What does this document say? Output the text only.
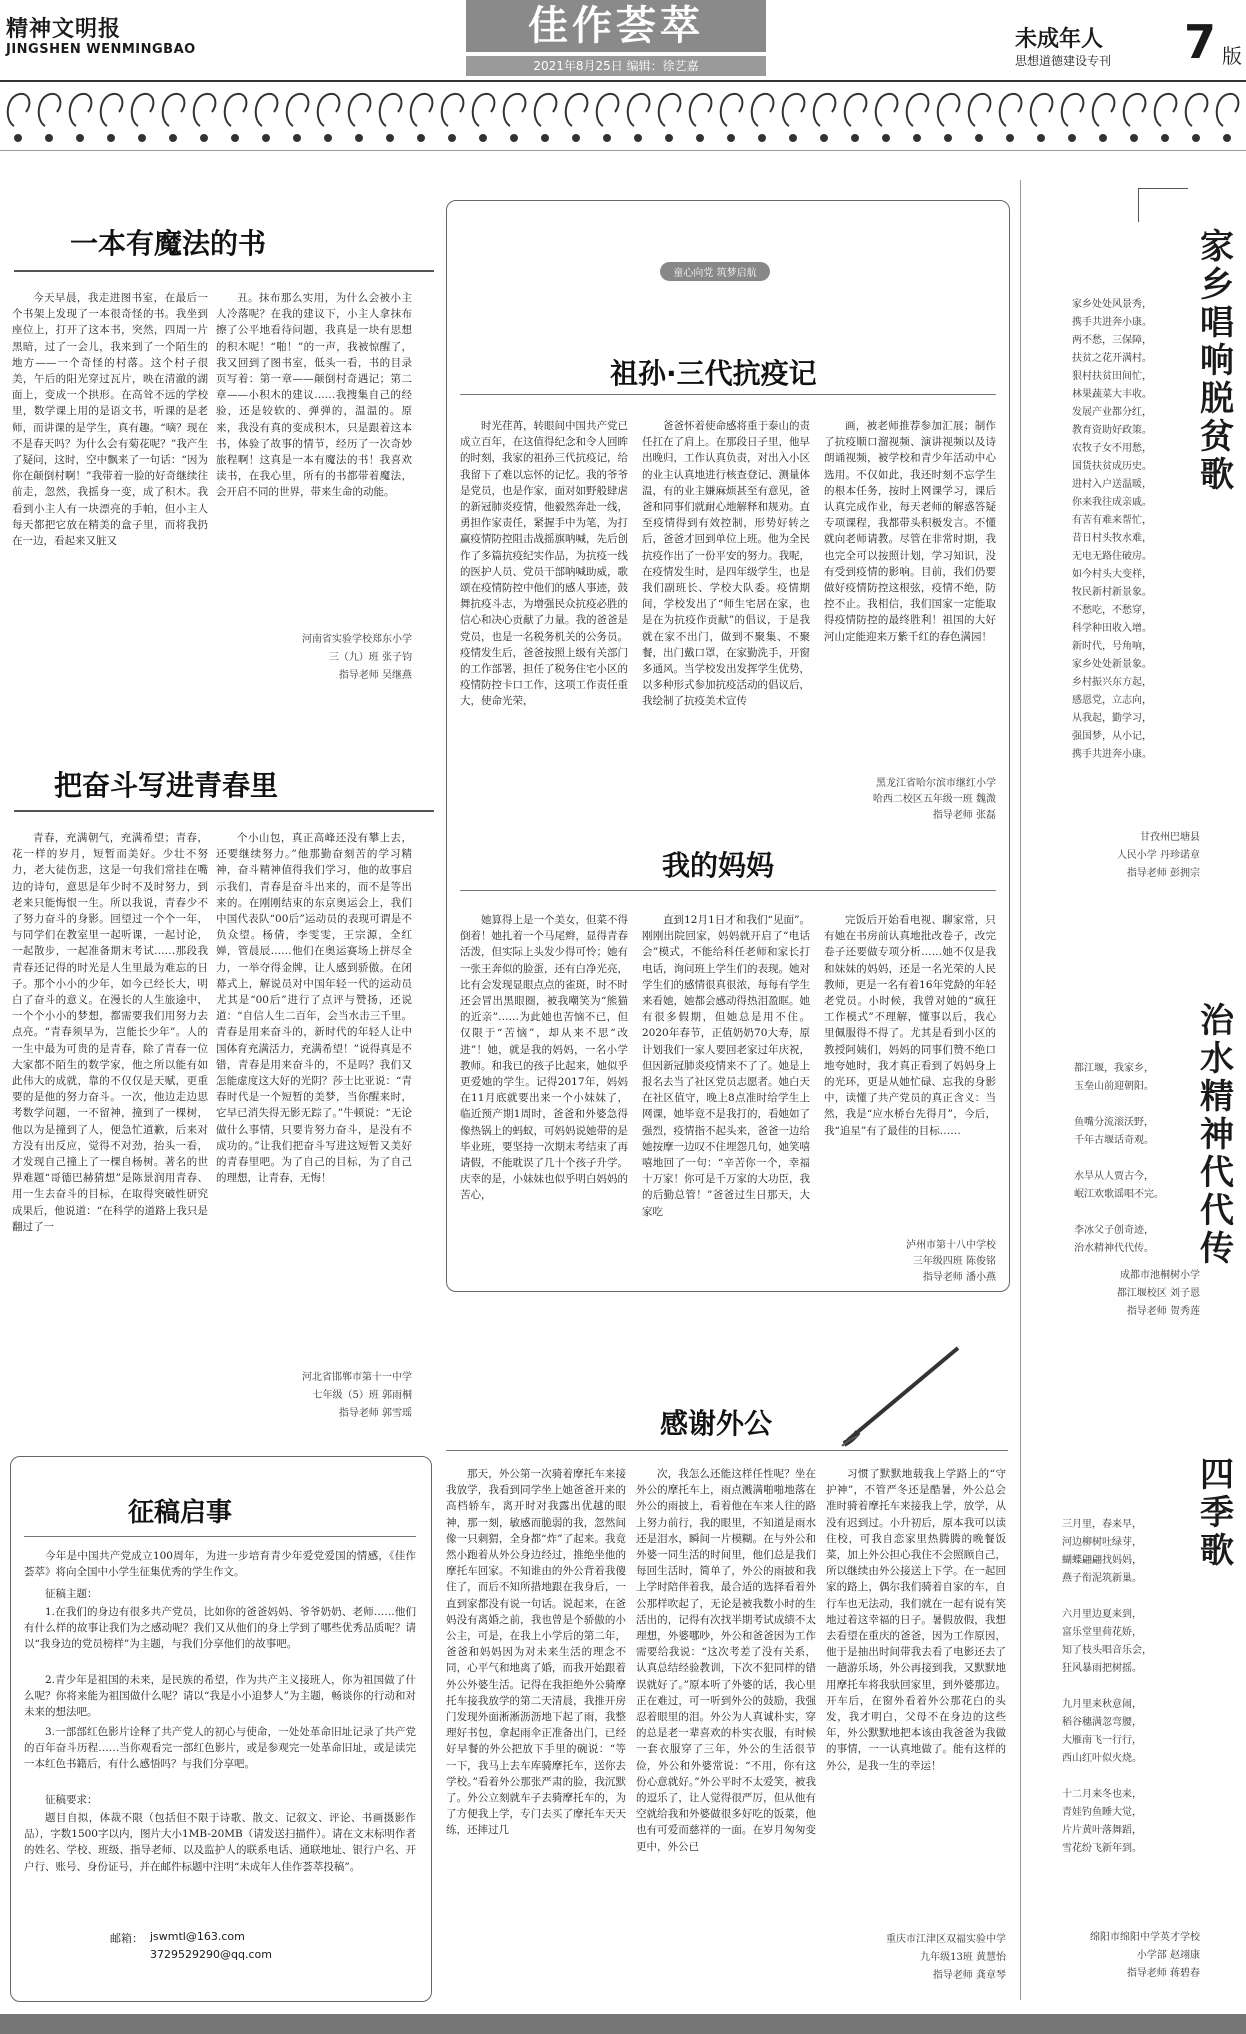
精神文明报
JINGSHEN WENMINGBAO
佳作荟萃
2021年8月25日 编辑：徐艺嘉
未成年人
思想道德建设专刊 7 版
一本有魔法的书
今天早晨，我走进图书室，在最后一个书架上发现了一本很奇怪的书。我坐到座位上，打开了这本书，突然，四周一片黑暗，过了一会儿，我来到了一个陌生的地方——一个奇怪的村落。这个村子很美，午后的阳光穿过瓦片，映在清澈的湖面上，变成一个拱形。在高耸不远的学校里，数学课上用的是语文书，听课的是老师，而讲课的是学生，真有趣。“嘀？现在不是春天吗？为什么会有菊花呢？”我产生了疑问，这时，空中飘来了一句话：“因为你在颠倒村啊！”我带着一脸的好奇继续往前走，忽然，我摇身一变，成了积木。我看到小主人有一块漂亮的手帕，但小主人每天都把它放在精美的盒子里，而将我扔在一边，看起来又脏又
丑。抹布那么实用，为什么会被小主人冷落呢？在我的建议下，小主人拿抹布擦了公平地看待问题，我真是一块有思想的积木呢！“啪！”的一声，我被惊醒了，我又回到了图书室，低头一看，书的目录页写着：第一章——颠倒村奇遇记；第二章——小积木的建议……我搜集自己的经验，还是较软的、弹弹的，温温的。原来，我没有真的变成积木，只是跟着这本书，体验了故事的情节，经历了一次奇妙旅程啊！这真是一本有魔法的书！我喜欢读书，在我心里，所有的书都带着魔法，会开启不同的世界，带来生命的动能。
河南省实验学校郑东小学
三（九）班 张子钧
指导老师 吴继燕
把奋斗写进青春里
青春，充满朝气，充满希望；青春，花一样的岁月，短暂而美好。少壮不努力，老大徒伤悲，这是一句我们常挂在嘴边的诗句，意思是年少时不及时努力，到老来只能悔恨一生。所以我说，青春少不了努力奋斗的身影。回望过一个个一年，与同学们在教室里一起听课，一起讨论，一起散步，一起准备期末考试……那段我青春还记得的时光是人生里最为难忘的日子。那个小小的少年，如今已经长大，明白了奋斗的意义。在漫长的人生旅途中，一个个小小的梦想，都需要我们用努力去点亮。“青春须早为，岂能长少年”。人的一生中最为可贵的是青春，除了青春一位大家都不陌生的数学家，他之所以能有如此伟大的成就，靠的不仅仅是天赋，更重要的是他的努力奋斗。一次，他边走边思考数学问题，一不留神，撞到了一棵树，他以为是撞到了人，便急忙道歉，后来对方没有出反应，觉得不对劲，抬头一看，才发现自己撞上了一棵自杨树。著名的世界难题“哥德巴赫猜想”是陈景润用青春、用一生去奋斗的目标，在取得突破性研究成果后，他说道：“在科学的道路上我只是翻过了一
个小山包，真正高峰还没有攀上去，还要继续努力。”他那勤奋刻苦的学习精神，奋斗精神值得我们学习，他的故事启示我们，青春是奋斗出来的，而不是等出来的。在刚刚结束的东京奥运会上，我们中国代表队“00后”运动员的表现可谓是不负众望。杨倩，李雯雯，王宗源，全红婵，管晨辰……他们在奥运赛场上拼尽全力，一举夺得金牌，让人感到骄傲。在闭幕式上，解说员对中国年轻一代的运动员尤其是“00后”进行了点评与赞扬，还说道：“自信人生二百年，会当水击三千里。青春是用来奋斗的，新时代的年轻人让中国体育充满活力，充满希望！”说得真是不错，青春是用来奋斗的，不是吗？我们又怎能虚度这大好的光阴？莎士比亚说：“青春时代是一个短暂的美梦，当你醒来时，它早已消失得无影无踪了。”牛顿说：“无论做什么事情，只要肯努力奋斗，是没有不成功的。”让我们把奋斗写进这短暂又美好的青春里吧。为了自己的目标，为了自己的理想，让青春，无悔！
河北省邯郸市第十一中学
七年级（5）班 郭雨桐
指导老师 郭雪瑶
童心向党 筑梦启航
祖孙·三代抗疫记
时光荏苒，转眼间中国共产党已成立百年，在这值得纪念和令人回眸的时刻，我家的祖孙三代抗疫记，给我留下了难以忘怀的记忆。我的爷爷是党员，也是作家，面对如野般肆虐的新冠肺炎疫情，他毅然奔赴一线，勇担作家责任，紧握手中为笔，为打赢疫情防控阻击战摇旗呐喊，先后创作了多篇抗疫纪实作品，为抗疫一线的医护人员、党员干部呐喊助威，歌颂在疫情防控中他们的感人事迹，鼓舞抗疫斗志，为增强民众抗疫必胜的信心和决心贡献了力量。我的爸爸是党员，也是一名税务机关的公务员。疫情发生后，爸爸按照上级有关部门的工作部署，担任了税务住宅小区的疫情防控卡口工作，这项工作责任重大，使命光荣，
爸爸怀着使命感将重于泰山的责任扛在了肩上。在那段日子里，他早出晚归，工作认真负责，对出入小区的业主认真地进行核查登记、测量体温，有的业主嫌麻烦甚至有意见，爸爸和同事们就耐心地解释和规劝。直至疫情得到有效控制，形势好转之后，爸爸才回到单位上班。他为全民抗疫作出了一份平安的努力。我呢，在疫情发生时，是四年级学生，也是我们副班长、学校大队委。疫情期间，学校发出了“师生宅居在家，也是在为抗疫作贡献”的倡议，于是我就在家不出门，做到不聚集、不聚餐，出门戴口罩，在家勤洗手，开窗多通风。当学校发出发挥学生优势，以多种形式参加抗疫活动的倡议后，我绘制了抗疫美术宣传
画，被老师推荐参加汇展；制作了抗疫顺口溜视频、演讲视频以及诗朗诵视频，被学校和青少年活动中心选用。不仅如此，我还时刻不忘学生的根本任务，按时上网课学习，课后认真完成作业，每天老师的解惑答疑专项课程，我都带头积极发言。不懂就向老师请教。尽管在非常时期，我也完全可以按照计划，学习知识，没有受到疫情的影响。目前，我们仍要做好疫情防控这根弦，疫情不绝，防控不止。我相信，我们国家一定能取得疫情防控的最终胜利！祖国的大好河山定能迎来万紫千红的春色满园！
黑龙江省哈尔滨市继红小学
哈西二校区五年级一班 魏溦
指导老师 张磊
我的妈妈
她算得上是一个美女，但菜不得倒着！她扎着一个马尾辫，显得青春活泼，但实际上头发少得可怜；她有一张王奔似的脸蛋，还有白净光亮，比有会发现显眼点点的雀斑，时不时还会冒出黑眼圈，被我嘲笑为“熊猫的近亲”……为此她也苦恼不已，但仅限于“苦恼”，却从来不思“改进”！她，就是我的妈妈，一名小学教师。和我已的孩子比起来，她似乎更爱她的学生。记得2017年，妈妈在11月底就要出来一个小妹妹了，临近预产期1周时，爸爸和外婆急得像热锅上的蚂蚁，可妈妈说她带的是毕业班，要坚持一次期末考结束了再请假，不能耽误了几十个孩子升学。庆幸的是，小妹妹也似乎明白妈妈的苦心，
直到12月1日才和我们“见面”。刚刚出院回家，妈妈就开启了“电话会”模式，不能给科任老师和家长打电话，询问班上学生们的表现。她对学生们的感情很真很浓，每每有学生来看她，她都会感动得热泪盈眶。她有很多假期，但她总是用不住。2020年春节，正值奶奶70大寿，原计划我们一家人要回老家过年庆祝，但因新冠肺炎疫情来不了了。她是上报名去当了社区党员志愿者。她白天在社区值守，晚上8点准时给学生上网课，她毕竟不是我打的，看她如了强烈，疫情指不起头来，爸爸一边给她按摩一边叹不住埋怨几句，她笑嘻嘻地回了一句：“辛苦你一个，幸福十万家！你可是千万家的大功臣，我的后勤总管！”爸爸过生日那天，大家吃
完饭后开始看电视、聊家常，只有她在书房前认真地批改卷子，改完卷子还要做专项分析……她不仅是我和妹妹的妈妈，还是一名光荣的人民教师，更是一名有着16年党龄的年轻老党员。小时候，我曾对她的“疯狂工作模式”不理解，懂事以后，我心里佩服得不得了。尤其是看到小区的教授阿姨们，妈妈的同事们赞不绝口地夸她时，我才真正看到了妈妈身上的光环，更是从她忙碌、忘我的身影中，读懂了共产党员的真正含义：当然，我是“应水桥台先得月”，今后，我“追星”有了最佳的目标……
泸州市第十八中学校
三年级四班 陈俊铭
指导老师 潘小燕
感谢外公
那天，外公第一次骑着摩托车来接我放学，我看到同学坐上她爸爸开来的高档轿车，离开时对我露出优越的眼神，那一刻，敏感而脆弱的我，忽然间像一只刺猬，全身都“炸”了起来。我竟然小跑着从外公身边经过，推绝坐他的摩托车回家。不知谁由的外公背着我傻住了，而后不知所措地跟在我身后，一直到家都没有说一句话。说起来，在爸妈没有离婚之前，我也曾是个骄傲的小公主，可是，在我上小学后的第二年，爸爸和妈妈因为对未来生活的理念不同，心平气和地离了婚，而我开始跟着外公外婆生活。记得在我拒绝外公骑摩托车接我放学的第二天清晨，我推开房门发现外面淅淅沥沥地下起了雨，我整理好书包，拿起雨伞正准备出门，已经好早餐的外公把放下手里的碗说：“等一下，我马上去车库骑摩托车，送你去学校。”看着外公那张严肃的脸，我沉默了。外公立刻就车子去骑摩托车的，为了方便我上学，专门去买了摩托车天天练，还摔过几
次，我怎么还能这样任性呢？坐在外公的摩托车上，雨点溅满啪啪地落在外公的雨披上，看着他在车来人往的路上努力前行，我的眼里，不知道是雨水还是泪水，瞬间一片模糊。在与外公和外婆一同生活的时间里，他们总是我们每回生活时，简单了，外公的雨披和我上学时陪伴着我，最合适的选择看着外公那样吹起了，无论是被我数小时的生活出的，记得有次找半期考试成绩不太理想，外婆哪吵，外公和爸爸因为工作需要给我说：“这次考差了没有关系，认真总结经验教训，下次不犯同样的错误就好了。”原本听了外婆的话，我心里正在难过，可一听到外公的鼓励，我强忍着眼里的泪。外公为人真诚朴实，穿的总是老一辈喜欢的朴实衣服，有时候一套衣服穿了三年，外公的生活很节俭，外公和外婆常说：“不用，你有这份心意就好。”外公平时不太爱笑，被我的逗乐了，让人觉得很严厉，但从他有空就给我和外婆做很多好吃的饭菜，他也有可爱而慈祥的一面。在岁月匆匆变更中，外公已
习惯了默默地载我上学路上的“守护神”，不管严冬还是酷暑，外公总会准时骑着摩托车来接我上学，放学，从没有迟到过。小升初后，原本我可以读住校，可我自恋家里热腾腾的晚餐饭菜，加上外公担心我住不会照顾自己，所以继续由外公接送上下学。在一起回家的路上，偶尔我们骑着自家的车，自行车也无法动，我们就在一起有说有笑地过着这幸福的日子。暑假放假，我想去看望在重庆的爸爸，因为工作原因，他于是抽出时间带我去看了电影还去了一趟游乐场，外公再接到我，又默默地用摩托车将我驮回家里，到外婆那边。开车后，在窗外看着外公那花白的头发，我才明白，父母不在身边的这些年，外公默默地把本该由我爸爸为我做的事情，一一认真地做了。能有这样的外公，是我一生的幸运！
重庆市江津区双福实验中学
九年级13班 黄慧怡
指导老师 龚章琴
征稿启事
今年是中国共产党成立100周年，为进一步培育青少年爱党爱国的情感，《佳作荟萃》将向全国中小学生征集优秀的学生作文。
征稿主题：
1.在我们的身边有很多共产党员，比如你的爸爸妈妈、爷爷奶奶、老师……他们有什么样的故事让我们为之感动呢？我们又从他们的身上学到了哪些优秀品质呢？请以“我身边的党员榜样”为主题，与我们分享他们的故事吧。
2.青少年是祖国的未来，是民族的希望，作为共产主义接班人，你为祖国做了什么呢？你将来能为祖国做什么呢？请以“我是小小追梦人”为主题，畅谈你的行动和对未来的想法吧。
3.一部部红色影片诠释了共产党人的初心与使命，一处处革命旧址记录了共产党的百年奋斗历程……当你观看完一部红色影片，或是参观完一处革命旧址，或是读完一本红色书籍后，有什么感悟吗？与我们分享吧。
征稿要求：
题目自拟，体裁不限（包括但不限于诗歌、散文、记叙文、评论、书画摄影作品），字数1500字以内，图片大小1MB-20MB（请发送扫描件）。请在文末标明作者的姓名、学校、班级、指导老师、以及监护人的联系电话、通联地址、银行户名、开户行、账号、身份证号，并在邮件标题中注明“未成年人佳作荟萃投稿”。
邮箱： jswmtl@163.com
3729529290@qq.com
家乡唱响脱贫歌
家乡处处风景秀，
携手共进奔小康。
两不愁，三保障，
扶贫之花开满村。
狠村扶贫田间忙，
林果蔬菜大丰收。
发展产业都分红，
教育资助好政策。
农牧子女不用愁，
国货扶贫成历史。
进村入户送温暖，
你来我往成亲戚。
有苦有难来帮忙，
昔日村头牧水难，
无电无路住破房。
如今村头大变样，
牧民新村新景象。
不愁吃，不愁穿，
科学种田收入增。
新时代，号角响，
家乡处处新景象。
乡村振兴东方起，
感恩党，立志向，
从我起，勤学习，
强国梦，从小记，
携手共进奔小康。
甘孜州巴塘县
人民小学 丹珍诺章
指导老师 彭拥宗
治水精神代代传
都江堰，我家乡，
玉垒山前迎朝阳。

鱼嘴分流滚沃野，
千年古堰话奇观。

水旱从人贾古今，
岷江欢歌谣唱不完。

李冰父子创奇迹，
治水精神代代传。
成都市池桐树小学
都江堰校区 刘子恩
指导老师 贺秀莲
四季歌
三月里，春来早，
河边柳树吐绿芽，
蝴蝶翩翩找妈妈，
燕子衔泥筑新巢。

六月里边夏来到，
富乐堂里荷花娇，
知了枝头唱音乐会，
狂风暴雨把树摇。

九月里来秋意闹，
稻谷穗满忽弯腰，
大雁南飞一行行，
西山红叶似火烧。

十二月来冬也来，
青娃钓鱼睡大觉，
片片黄叶落舞蹈，
雪花纷飞新年到。
绵阳市绵阳中学英才学校
小学部 赵翊康
指导老师 蒋碧春
